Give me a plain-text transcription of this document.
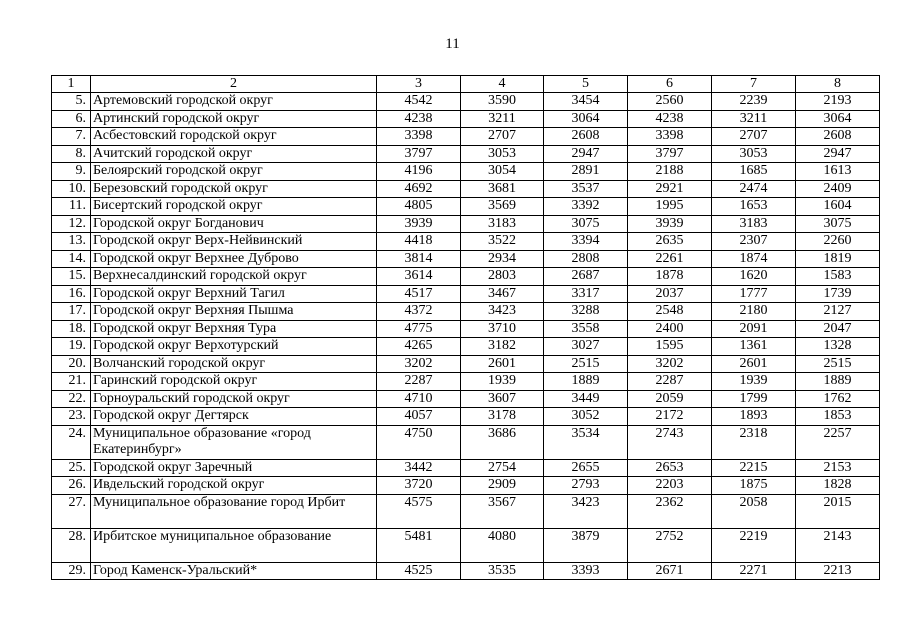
11
1	2	3	4	5	6	7	8
5.	Артемовский городской округ	4542	3590	3454	2560	2239	2193
6.	Артинский городской округ	4238	3211	3064	4238	3211	3064
7.	Асбестовский городской округ	3398	2707	2608	3398	2707	2608
8.	Ачитский городской округ	3797	3053	2947	3797	3053	2947
9.	Белоярский городской округ	4196	3054	2891	2188	1685	1613
10.	Березовский городской округ	4692	3681	3537	2921	2474	2409
11.	Бисертский городской округ	4805	3569	3392	1995	1653	1604
12.	Городской округ Богданович	3939	3183	3075	3939	3183	3075
13.	Городской округ Верх-Нейвинский	4418	3522	3394	2635	2307	2260
14.	Городской округ Верхнее Дуброво	3814	2934	2808	2261	1874	1819
15.	Верхнесалдинский городской округ	3614	2803	2687	1878	1620	1583
16.	Городской округ Верхний Тагил	4517	3467	3317	2037	1777	1739
17.	Городской округ Верхняя Пышма	4372	3423	3288	2548	2180	2127
18.	Городской округ Верхняя Тура	4775	3710	3558	2400	2091	2047
19.	Городской округ Верхотурский	4265	3182	3027	1595	1361	1328
20.	Волчанский городской округ	3202	2601	2515	3202	2601	2515
21.	Гаринский городской округ	2287	1939	1889	2287	1939	1889
22.	Горноуральский городской округ	4710	3607	3449	2059	1799	1762
23.	Городской округ Дегтярск	4057	3178	3052	2172	1893	1853
24.	Муниципальное образование «город Екатеринбург»	4750	3686	3534	2743	2318	2257
25.	Городской округ Заречный	3442	2754	2655	2653	2215	2153
26.	Ивдельский городской округ	3720	2909	2793	2203	1875	1828
27.	Муниципальное образование город Ирбит	4575	3567	3423	2362	2058	2015
28.	Ирбитское муниципальное образование	5481	4080	3879	2752	2219	2143
29.	Город Каменск-Уральский*	4525	3535	3393	2671	2271	2213
